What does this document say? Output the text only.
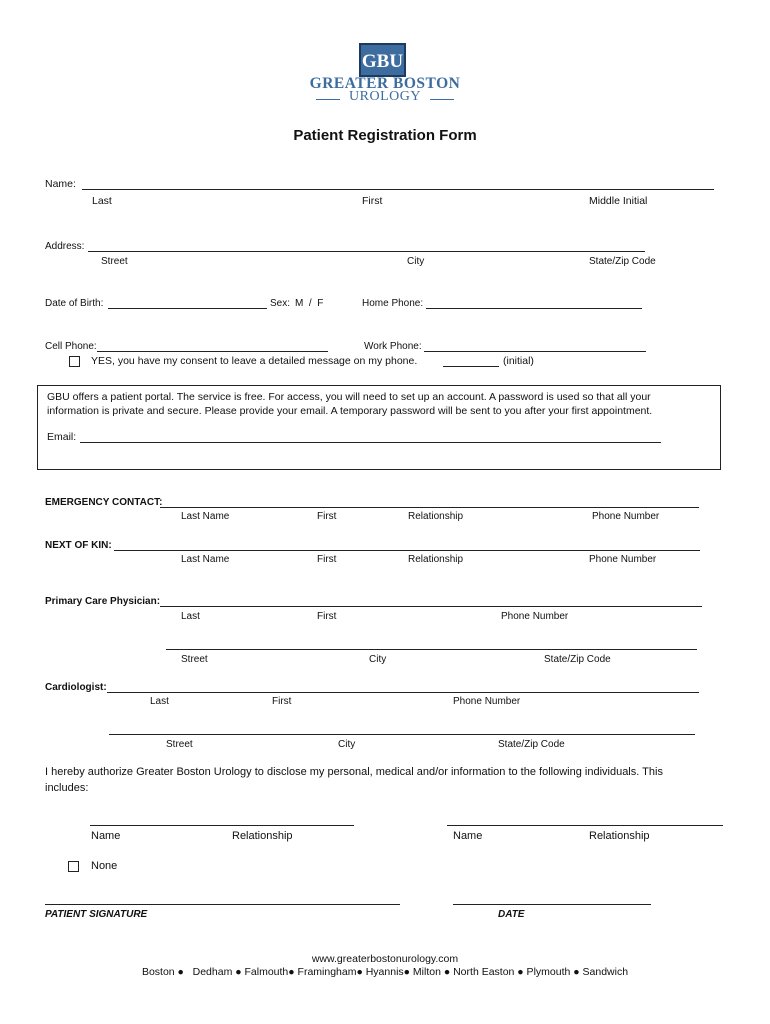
GBU
GREATER BOSTON
UROLOGY
Patient Registration Form
Name:
Last	First	Middle Initial
Address:
Street	City	State/Zip Code
Date of Birth:	Sex: M  /  F	Home Phone:
Cell Phone:	Work Phone:
YES, you have my consent to leave a detailed message on my phone.	(initial)
GBU offers a patient portal. The service is free. For access, you will need to set up an account. A password is used so that all your
information is private and secure. Please provide your email. A temporary password will be sent to you after your first appointment.
Email:
EMERGENCY CONTACT:
Last Name	First	Relationship	Phone Number
NEXT OF KIN:
Last Name	First	Relationship	Phone Number
Primary Care Physician:
Last	First	Phone Number
Street	City	State/Zip Code
Cardiologist:
Last	First	Phone Number
Street	City	State/Zip Code
I hereby authorize Greater Boston Urology to disclose my personal, medical and/or information to the following individuals. This
includes:
Name	Relationship	Name	Relationship
None
PATIENT SIGNATURE	DATE
www.greaterbostonurology.com
Boston ●   Dedham ● Falmouth● Framingham● Hyannis● Milton ● North Easton ● Plymouth ● Sandwich
